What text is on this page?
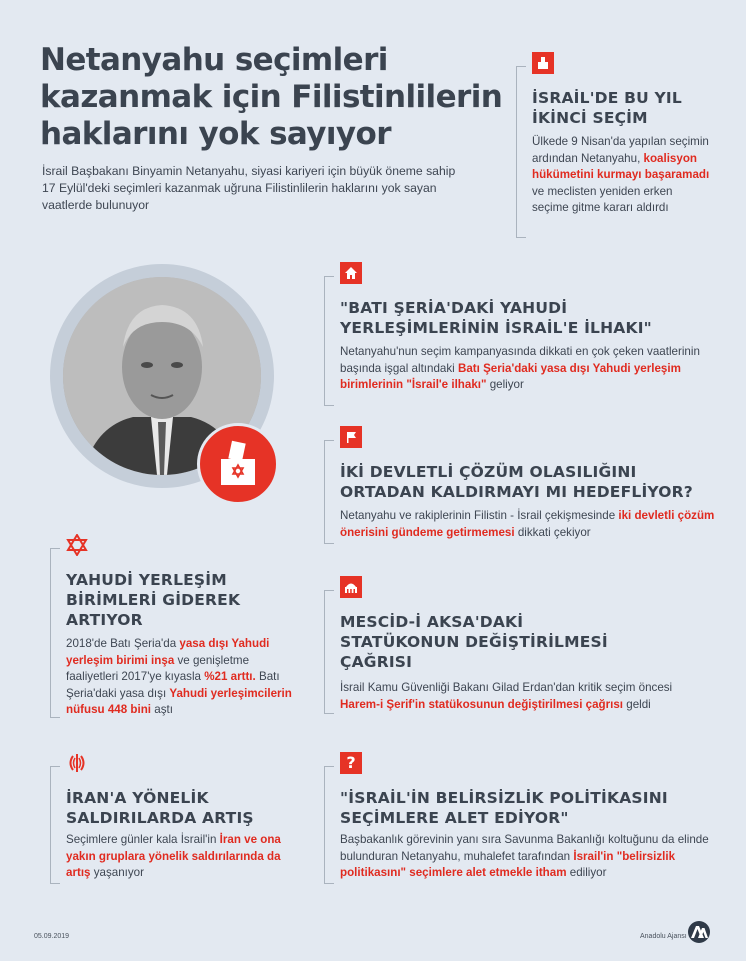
Netanyahu seçimleri kazanmak için Filistinlilerin haklarını yok sayıyor
İsrail Başbakanı Binyamin Netanyahu, siyasi kariyeri için büyük öneme sahip 17 Eylül'deki seçimleri kazanmak uğruna Filistinlilerin haklarını yok sayan vaatlerde bulunuyor
İSRAİL'DE BU YIL
İKİNCİ SEÇİM
Ülkede 9 Nisan'da yapılan seçimin ardından Netanyahu, koalisyon hükümetini kurmayı başaramadı ve meclisten yeniden erken seçime gitme kararı aldırdı
"BATI ŞERİA'DAKİ YAHUDİ
YERLEŞİMLERİNİN İSRAİL'E İLHAKI"
Netanyahu'nun seçim kampanyasında dikkati en çok çeken vaatlerinin başında işgal altındaki Batı Şeria'daki yasa dışı Yahudi yerleşim birimlerinin "İsrail'e ilhakı" geliyor
İKİ DEVLETLİ ÇÖZÜM OLASILIĞINI
ORTADAN KALDIRMAYI MI HEDEFLİYOR?
Netanyahu ve rakiplerinin Filistin - İsrail çekişmesinde iki devletli çözüm önerisini gündeme getirmemesi dikkati çekiyor
YAHUDİ YERLEŞİM
BİRİMLERİ GİDEREK
ARTIYOR
2018'de Batı Şeria'da yasa dışı Yahudi yerleşim birimi inşa ve genişletme faaliyetleri 2017'ye kıyasla %21 arttı. Batı Şeria'daki yasa dışı Yahudi yerleşimcilerin nüfusu 448 bini aştı
MESCİD-İ AKSA'DAKİ
STATÜKONUN DEĞİŞTİRİLMESİ
ÇAĞRISI
İsrail Kamu Güvenliği Bakanı Gilad Erdan'dan kritik seçim öncesi Harem-i Şerif'in statükosunun değiştirilmesi çağrısı geldi
İRAN'A YÖNELİK
SALDIRILARDA ARTIŞ
Seçimlere günler kala İsrail'in İran ve ona yakın gruplara yönelik saldırılarında da artış yaşanıyor
?
"İSRAİL'İN BELİRSİZLİK POLİTİKASINI
SEÇİMLERE ALET EDİYOR"
Başbakanlık görevinin yanı sıra Savunma Bakanlığı koltuğunu da elinde bulunduran Netanyahu, muhalefet tarafından İsrail'in "belirsizlik politikasını" seçimlere alet etmekle itham ediliyor
05.09.2019	Anadolu Ajansı
